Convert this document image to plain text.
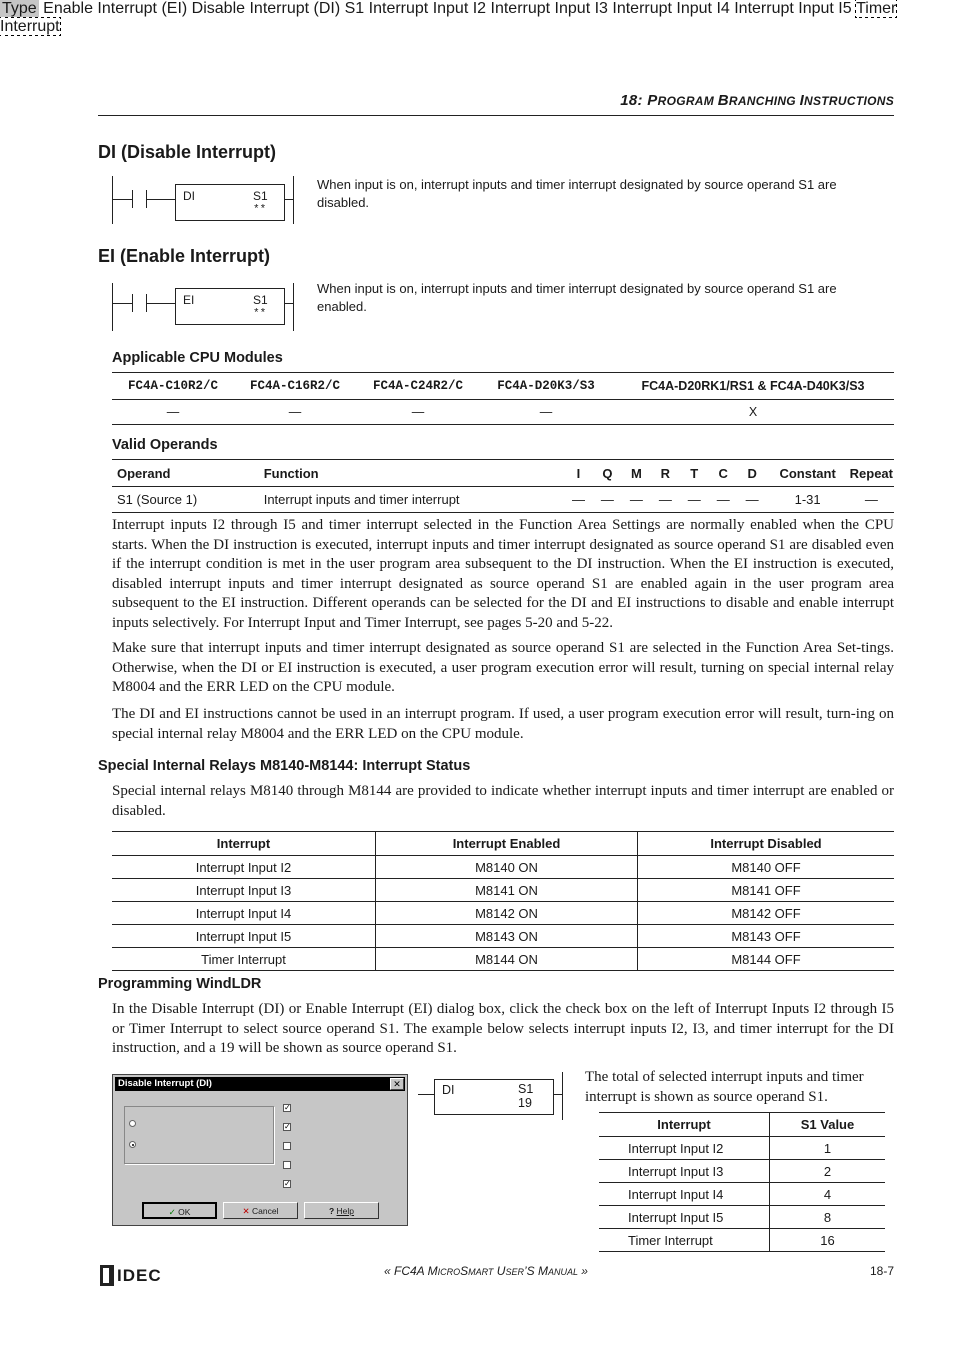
18: PROGRAM BRANCHING INSTRUCTIONS
DI (Disable Interrupt)
DI	S1
**
When input is on, interrupt inputs and timer interrupt designated by source operand S1 are disabled.
EI (Enable Interrupt)
EI	S1
**
When input is on, interrupt inputs and timer interrupt designated by source operand S1 are enabled.
Applicable CPU Modules
FC4A-C10R2/C	FC4A-C16R2/C	FC4A-C24R2/C	FC4A-D20K3/S3	FC4A-D20RK1/RS1 & FC4A-D40K3/S3
—	—	—	—	X
Valid Operands
Operand	Function	I	Q	M	R	T	C	D	Constant	Repeat
S1 (Source 1)	Interrupt inputs and timer interrupt	—	—	—	—	—	—	—	1-31	—

Interrupt inputs I2 through I5 and timer interrupt selected in the Function Area Settings are normally enabled when the CPU starts. When the DI instruction is executed, interrupt inputs and timer interrupt designated as source operand S1 are disabled even if the interrupt condition is met in the user program area subsequent to the DI instruction. When the EI instruction is executed, disabled interrupt inputs and timer interrupt designated as source operand S1 are enabled again in the user program area subsequent to the EI instruction. Different operands can be selected for the DI and EI instructions to disable and enable interrupt inputs selectively. For Interrupt Input and Timer Interrupt, see pages 5-20 and 5-22.

Make sure that interrupt inputs and timer interrupt designated as source operand S1 are selected in the Function Area Set-tings. Otherwise, when the DI or EI instruction is executed, a user program execution error will result, turning on special internal relay M8004 and the ERR LED on the CPU module.

The DI and EI instructions cannot be used in an interrupt program. If used, a user program execution error will result, turn-ing on special internal relay M8004 and the ERR LED on the CPU module.

Special Internal Relays M8140-M8144: Interrupt Status

Special internal relays M8140 through M8144 are provided to indicate whether interrupt inputs and timer interrupt are enabled or disabled.

Interrupt	Interrupt Enabled	Interrupt Disabled
Interrupt Input I2	M8140 ON	M8140 OFF
Interrupt Input I3	M8141 ON	M8141 OFF
Interrupt Input I4	M8142 ON	M8142 OFF
Interrupt Input I5	M8143 ON	M8143 OFF
Timer Interrupt	M8144 ON	M8144 OFF
Programming WindLDR

In the Disable Interrupt (DI) or Enable Interrupt (EI) dialog box, click the check box on the left of Interrupt Inputs I2 through I5 or Timer Interrupt to select source operand S1. The example below selects interrupt inputs I2, I3, and timer interrupt for the DI instruction, and a 19 will be shown as source operand S1.

Disable Interrupt (DI)	✕
Type Enable Interrupt (EI) Disable Interrupt (DI) S1
✓
Interrupt Input I2
✓
Interrupt Input I3 Interrupt Input I4 Interrupt Input I5
✓
Timer Interrupt
✓ OK	✕ Cancel	? Help
DI	S1
19

The total of selected interrupt inputs and timer interrupt is shown as source operand S1.

Interrupt	S1 Value
Interrupt Input I2	1
Interrupt Input I3	2
Interrupt Input I4	4
Interrupt Input I5	8
Timer Interrupt	16
IDEC	« FC4A MICROSMART USER’S MANUAL »	18-7
